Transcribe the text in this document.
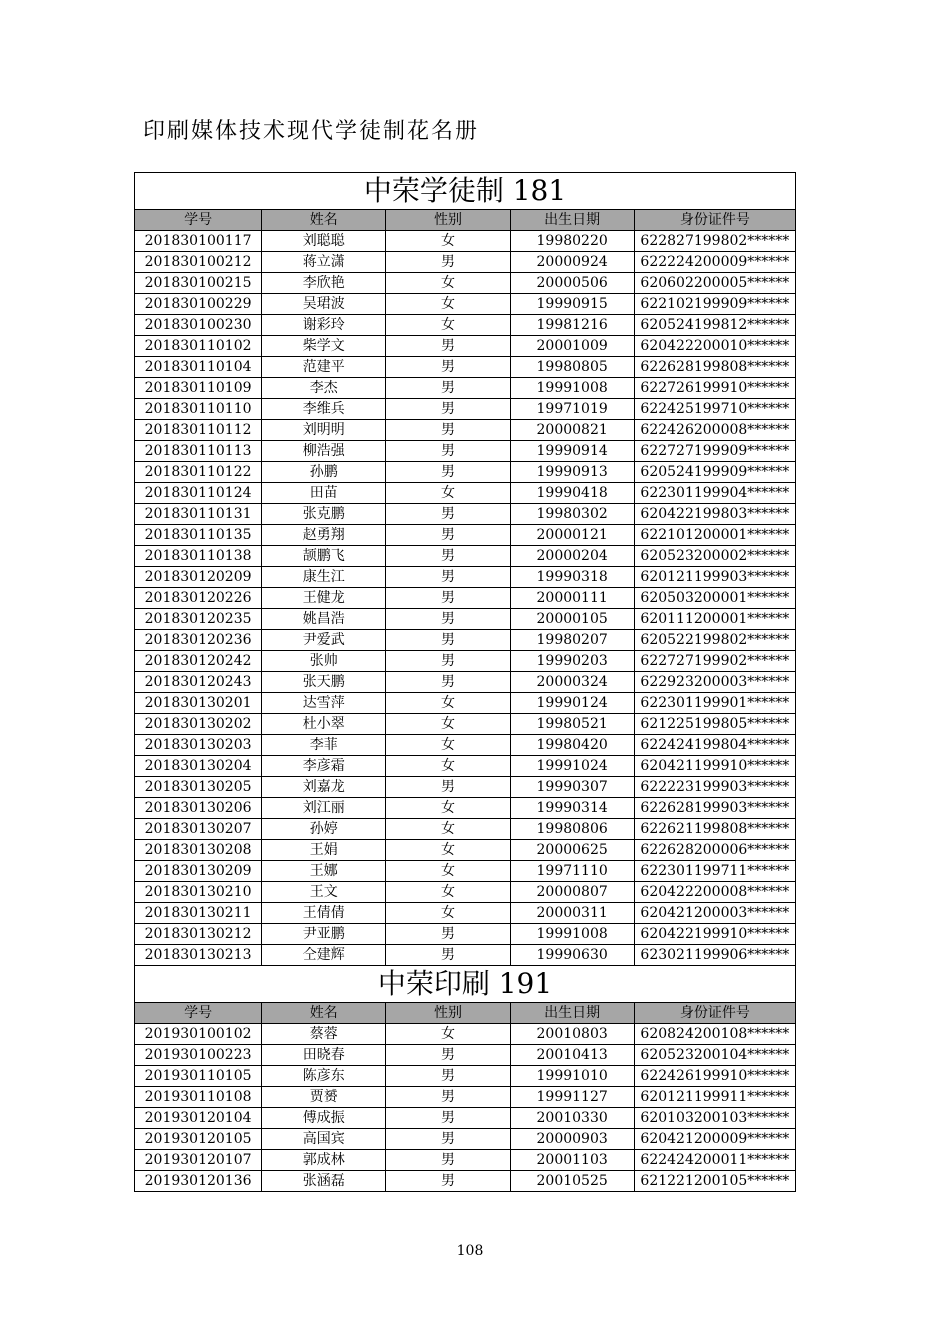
印刷媒体技术现代学徒制花名册
中荣学徒制 181				
学号	姓名	性别	出生日期	身份证件号
201830100117	刘聪聪	女	19980220	622827199802******
201830100212	蒋立潇	男	20000924	622224200009******
201830100215	李欣艳	女	20000506	620602200005******
201830100229	吴珺波	女	19990915	622102199909******
201830100230	谢彩玲	女	19981216	620524199812******
201830110102	柴学文	男	20001009	620422200010******
201830110104	范建平	男	19980805	622628199808******
201830110109	李杰	男	19991008	622726199910******
201830110110	李维兵	男	19971019	622425199710******
201830110112	刘明明	男	20000821	622426200008******
201830110113	柳浩强	男	19990914	622727199909******
201830110122	孙鹏	男	19990913	620524199909******
201830110124	田苗	女	19990418	622301199904******
201830110131	张克鹏	男	19980302	620422199803******
201830110135	赵勇翔	男	20000121	622101200001******
201830110138	颉鹏飞	男	20000204	620523200002******
201830120209	康生江	男	19990318	620121199903******
201830120226	王健龙	男	20000111	620503200001******
201830120235	姚昌浩	男	20000105	620111200001******
201830120236	尹爱武	男	19980207	620522199802******
201830120242	张帅	男	19990203	622727199902******
201830120243	张天鹏	男	20000324	622923200003******
201830130201	达雪萍	女	19990124	622301199901******
201830130202	杜小翠	女	19980521	621225199805******
201830130203	李菲	女	19980420	622424199804******
201830130204	李彦霜	女	19991024	620421199910******
201830130205	刘嘉龙	男	19990307	622223199903******
201830130206	刘江丽	女	19990314	622628199903******
201830130207	孙婷	女	19980806	622621199808******
201830130208	王娟	女	20000625	622628200006******
201830130209	王娜	女	19971110	622301199711******
201830130210	王文	女	20000807	620422200008******
201830130211	王倩倩	女	20000311	620421200003******
201830130212	尹亚鹏	男	19991008	620422199910******
201830130213	仝建辉	男	19990630	623021199906******
中荣印刷 191				
学号	姓名	性别	出生日期	身份证件号
201930100102	蔡蓉	女	20010803	620824200108******
201930100223	田晓春	男	20010413	620523200104******
201930110105	陈彦东	男	19991010	622426199910******
201930110108	贾赟	男	19991127	620121199911******
201930120104	傅成振	男	20010330	620103200103******
201930120105	高国宾	男	20000903	620421200009******
201930120107	郭成林	男	20001103	622424200011******
201930120136	张涵磊	男	20010525	621221200105******
108
